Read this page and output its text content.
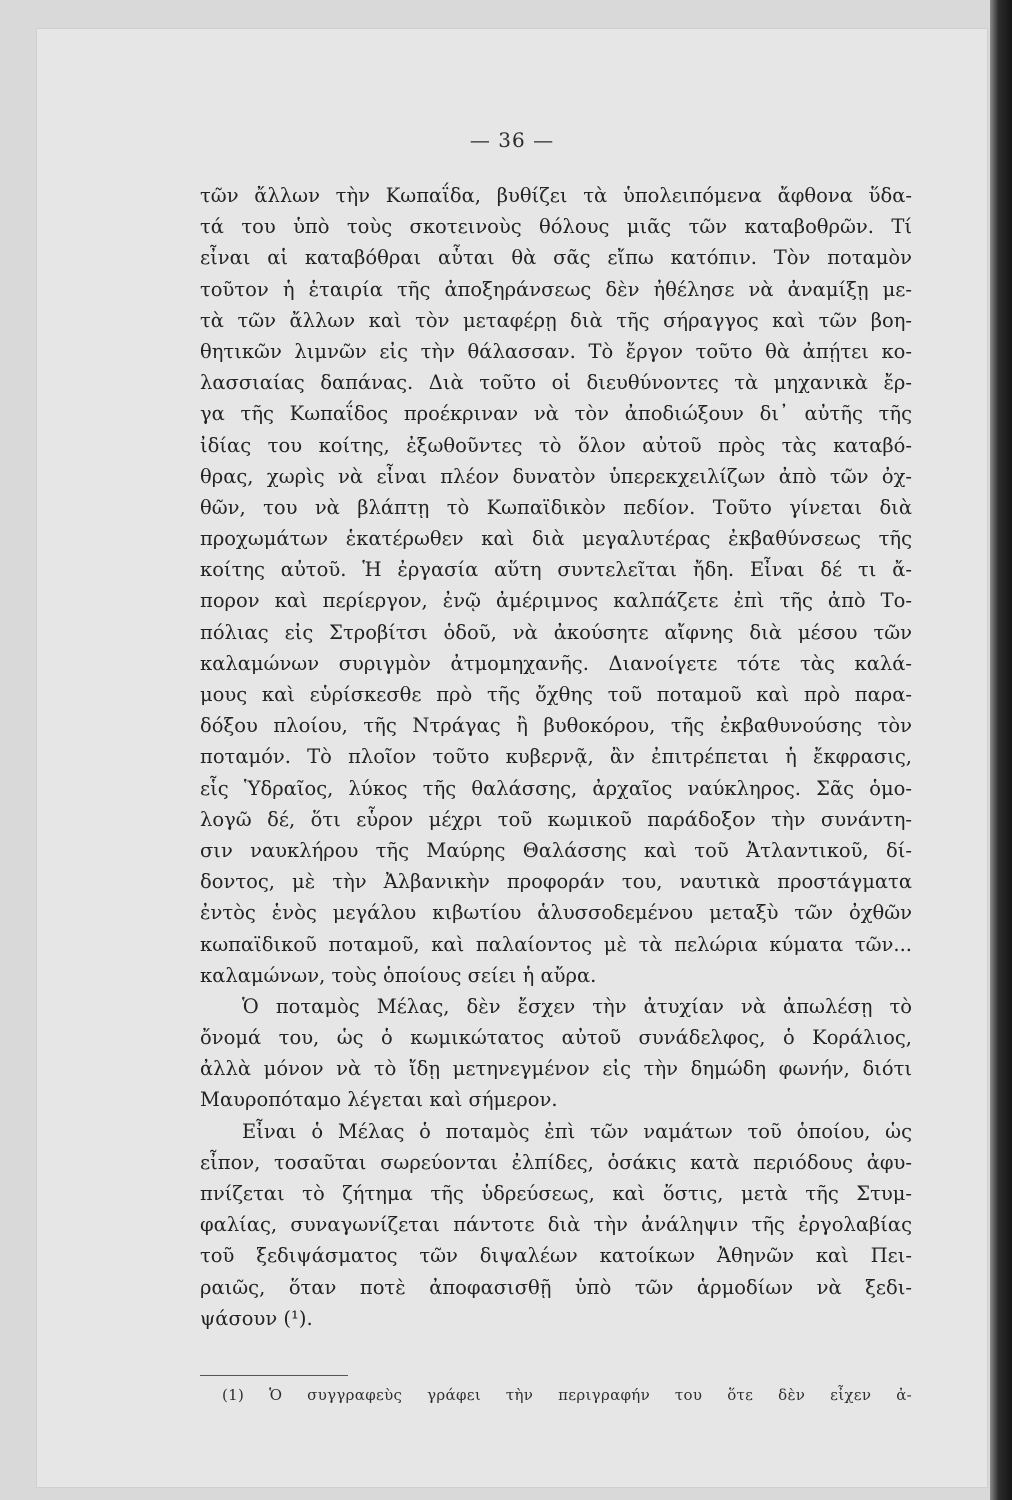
— 36 —
τῶν ἄλλων τὴν Κωπαΐδα, βυθίζει τὰ ὑπολειπόμενα ἄφθονα ὕδα-
τά του ὑπὸ τοὺς σκοτεινοὺς θόλους μιᾶς τῶν καταβοθρῶν. Τί
εἶναι αἱ καταβόθραι αὗται θὰ σᾶς εἴπω κατόπιν. Τὸν ποταμὸν
τοῦτον ἡ ἑταιρία τῆς ἀποξηράνσεως δὲν ἠθέλησε νὰ ἀναμίξῃ με-
τὰ τῶν ἄλλων καὶ τὸν μεταφέρῃ διὰ τῆς σήραγγος καὶ τῶν βοη-
θητικῶν λιμνῶν εἰς τὴν θάλασσαν. Τὸ ἔργον τοῦτο θὰ ἀπῄτει κο-
λασσιαίας δαπάνας. Διὰ τοῦτο οἱ διευθύνοντες τὰ μηχανικὰ ἔρ-
γα τῆς Κωπαΐδος προέκριναν νὰ τὸν ἀποδιώξουν δι᾽ αὐτῆς τῆς
ἰδίας του κοίτης, ἐξωθοῦντες τὸ ὅλον αὐτοῦ πρὸς τὰς καταβό-
θρας, χωρὶς νὰ εἶναι πλέον δυνατὸν ὑπερεκχειλίζων ἀπὸ τῶν ὀχ-
θῶν, του νὰ βλάπτῃ τὸ Κωπαϊδικὸν πεδίον. Τοῦτο γίνεται διὰ
προχωμάτων ἑκατέρωθεν καὶ διὰ μεγαλυτέρας ἐκβαθύνσεως τῆς
κοίτης αὐτοῦ. Ἡ ἐργασία αὕτη συντελεῖται ἤδη. Εἶναι δέ τι ἄ-
πορον καὶ περίεργον, ἐνῷ ἀμέριμνος καλπάζετε ἐπὶ τῆς ἀπὸ Το-
πόλιας εἰς Στροβίτσι ὁδοῦ, νὰ ἀκούσητε αἴφνης διὰ μέσου τῶν
καλαμώνων συριγμὸν ἀτμομηχανῆς. Διανοίγετε τότε τὰς καλά-
μους καὶ εὑρίσκεσθε πρὸ τῆς ὄχθης τοῦ ποταμοῦ καὶ πρὸ παρα-
δόξου πλοίου, τῆς Ντράγας ἢ βυθοκόρου, τῆς ἐκβαθυνούσης τὸν
ποταμόν. Τὸ πλοῖον τοῦτο κυβερνᾷ, ἂν ἐπιτρέπεται ἡ ἔκφρασις,
εἷς Ὑδραῖος, λύκος τῆς θαλάσσης, ἀρχαῖος ναύκληρος. Σᾶς ὁμο-
λογῶ δέ, ὅτι εὗρον μέχρι τοῦ κωμικοῦ παράδοξον τὴν συνάντη-
σιν ναυκλήρου τῆς Μαύρης Θαλάσσης καὶ τοῦ Ἀτλαντικοῦ, δί-
δοντος, μὲ τὴν Ἀλβανικὴν προφοράν του, ναυτικὰ προστάγματα
ἐντὸς ἑνὸς μεγάλου κιβωτίου ἁλυσσοδεμένου μεταξὺ τῶν ὀχθῶν
κωπαϊδικοῦ ποταμοῦ, καὶ παλαίοντος μὲ τὰ πελώρια κύματα τῶν...
καλαμώνων, τοὺς ὁποίους σείει ἡ αὔρα.
Ὁ ποταμὸς Μέλας, δὲν ἔσχεν τὴν ἀτυχίαν νὰ ἀπωλέσῃ τὸ
ὄνομά του, ὡς ὁ κωμικώτατος αὐτοῦ συνάδελφος, ὁ Κοράλιος,
ἀλλὰ μόνον νὰ τὸ ἴδῃ μετηνεγμένον εἰς τὴν δημώδη φωνήν, διότι
Μαυροπόταμο λέγεται καὶ σήμερον.
Εἶναι ὁ Μέλας ὁ ποταμὸς ἐπὶ τῶν ναμάτων τοῦ ὁποίου, ὡς
εἶπον, τοσαῦται σωρεύονται ἐλπίδες, ὁσάκις κατὰ περιόδους ἀφυ-
πνίζεται τὸ ζήτημα τῆς ὑδρεύσεως, καὶ ὅστις, μετὰ τῆς Στυμ-
φαλίας, συναγωνίζεται πάντοτε διὰ τὴν ἀνάληψιν τῆς ἐργολαβίας
τοῦ ξεδιψάσματος τῶν διψαλέων κατοίκων Ἀθηνῶν καὶ Πει-
ραιῶς, ὅταν ποτὲ ἀποφασισθῇ ὑπὸ τῶν ἁρμοδίων νὰ ξεδι-
ψάσουν (¹).
(1) Ὁ συγγραφεὺς γράφει τὴν περιγραφήν του ὅτε δὲν εἶχεν ἀ-
